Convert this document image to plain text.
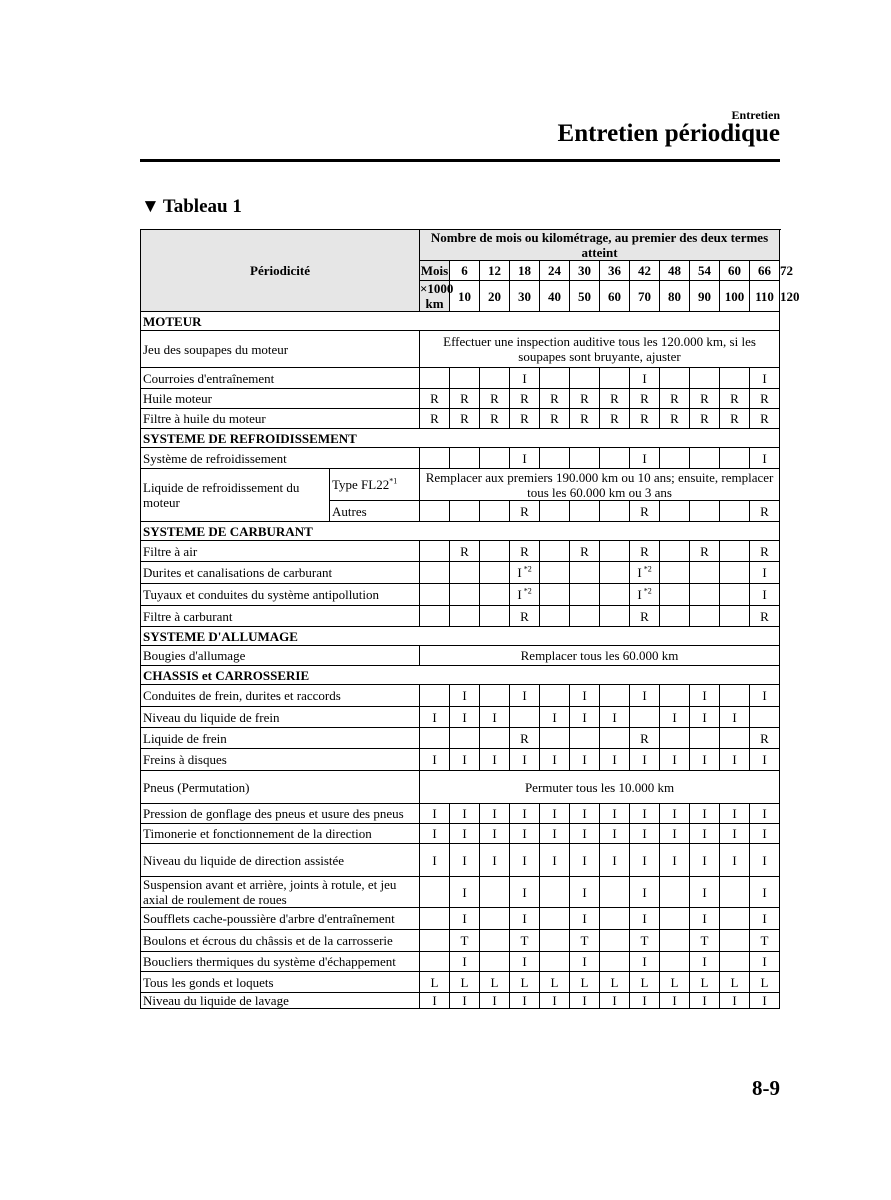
Entretien
Entretien périodique
▼ Tableau 1
Périodicité		Nombre de mois ou kilométrage, au premier des deux termes atteint												
		Mois	6	12	18	24	30	36	42	48	54	60	66	72
		×1000 km	10	20	30	40	50	60	70	80	90	100	110	120
MOTEUR														
Jeu des soupapes du moteur		Effectuer une inspection auditive tous les 120.000 km, si les soupapes sont bruyante, ajuster												
Courroies d'entraînement					I				I				I	
Huile moteur		R	R	R	R	R	R	R	R	R	R	R	R	
Filtre à huile du moteur		R	R	R	R	R	R	R	R	R	R	R	R	
SYSTEME DE REFROIDISSEMENT														
Système de refroidissement					I				I				I	
Liquide de refroidissement du moteur	Type FL22$^{*1}$	Remplacer aux premiers 190.000 km ou 10 ans; ensuite, remplacer tous les 60.000 km ou 3 ans												
	Autres				R				R				R	
SYSTEME DE CARBURANT														
Filtre à air			R		R		R		R		R		R	
Durites et canalisations de carburant					I $^{*2}$				I $^{*2}$				I	
Tuyaux et conduites du système antipollution					I $^{*2}$				I $^{*2}$				I	
Filtre à carburant					R				R				R	
SYSTEME D'ALLUMAGE														
Bougies d'allumage		Remplacer tous les 60.000 km												
CHASSIS et CARROSSERIE														
Conduites de frein, durites et raccords			I		I		I		I		I		I	
Niveau du liquide de frein		I	I	I		I	I	I		I	I	I		
Liquide de frein					R				R				R	
Freins à disques		I	I	I	I	I	I	I	I	I	I	I	I	
Pneus (Permutation)		Permuter tous les 10.000 km												
Pression de gonflage des pneus et usure des pneus		I	I	I	I	I	I	I	I	I	I	I	I	
Timonerie et fonctionnement de la direction		I	I	I	I	I	I	I	I	I	I	I	I	
Niveau du liquide de direction assistée		I	I	I	I	I	I	I	I	I	I	I	I	
Suspension avant et arrière, joints à rotule, et jeu axial de roulement de roues			I		I		I		I		I		I	
Soufflets cache-poussière d'arbre d'entraînement			I		I		I		I		I		I	
Boulons et écrous du châssis et de la carrosserie			T		T		T		T		T		T	
Boucliers thermiques du système d'échappement			I		I		I		I		I		I	
Tous les gonds et loquets		L	L	L	L	L	L	L	L	L	L	L	L	
Niveau du liquide de lavage		I	I	I	I	I	I	I	I	I	I	I	I	
8-9
